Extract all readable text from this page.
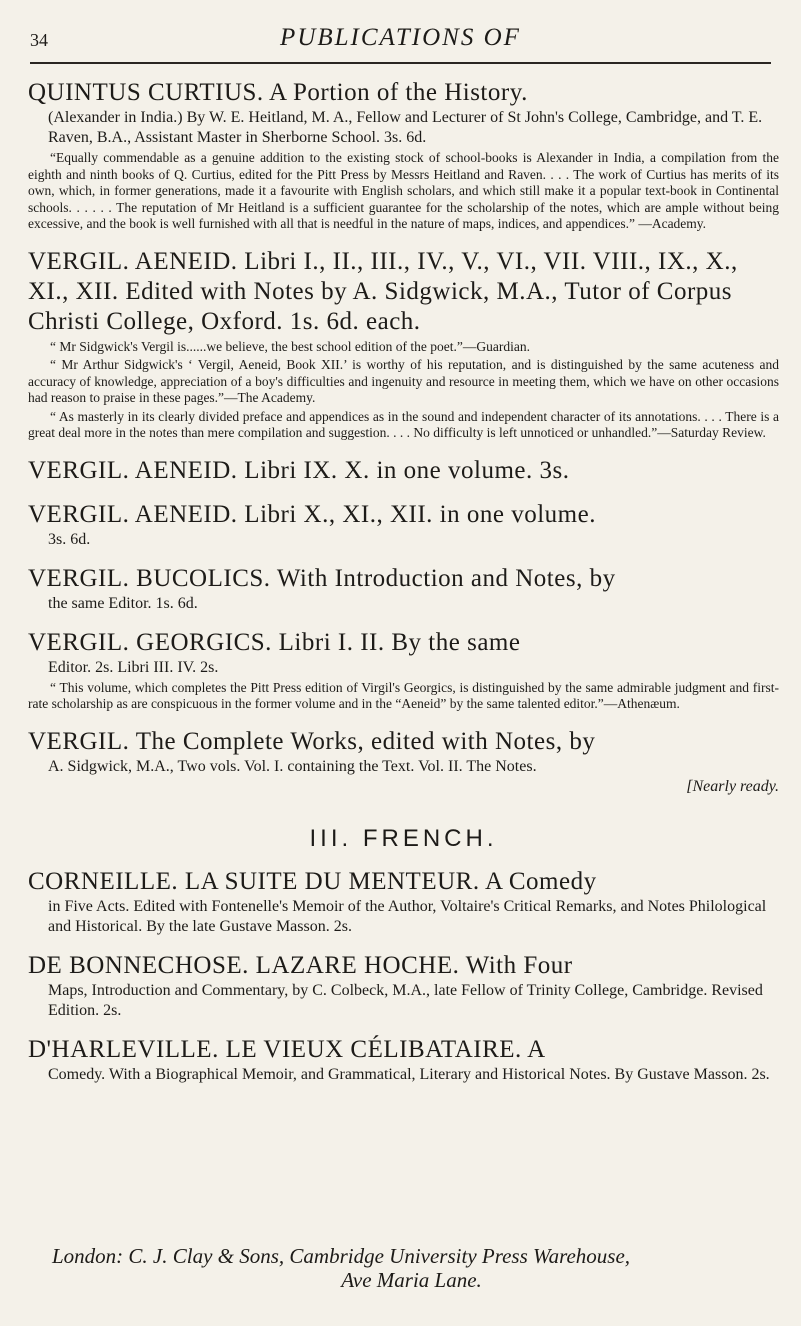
34	PUBLICATIONS OF

QUINTUS CURTIUS. A Portion of the History.

(Alexander in India.) By W. E. Heitland, M. A., Fellow and Lecturer of St John's College, Cambridge, and T. E. Raven, B.A., Assistant Master in Sherborne School. 3s. 6d.

“Equally commendable as a genuine addition to the existing stock of school-books is Alexander in India, a compilation from the eighth and ninth books of Q. Curtius, edited for the Pitt Press by Messrs Heitland and Raven. . . . The work of Curtius has merits of its own, which, in former generations, made it a favourite with English scholars, and which still make it a popular text-book in Continental schools. . . . . . The reputation of Mr Heitland is a sufficient guarantee for the scholarship of the notes, which are ample without being excessive, and the book is well furnished with all that is needful in the nature of maps, indices, and appendices.” —Academy.

VERGIL. AENEID. Libri I., II., III., IV., V., VI., VII. VIII., IX., X., XI., XII. Edited with Notes by A. Sidgwick, M.A., Tutor of Corpus Christi College, Oxford. 1s. 6d. each.

“ Mr Sidgwick's Vergil is......we believe, the best school edition of the poet.”—Guardian.

“ Mr Arthur Sidgwick's ‘ Vergil, Aeneid, Book XII.’ is worthy of his reputation, and is distinguished by the same acuteness and accuracy of knowledge, appreciation of a boy's difficulties and ingenuity and resource in meeting them, which we have on other occasions had reason to praise in these pages.”—The Academy.

“ As masterly in its clearly divided preface and appendices as in the sound and independent character of its annotations. . . . There is a great deal more in the notes than mere compilation and suggestion. . . . No difficulty is left unnoticed or unhandled.”—Saturday Review.

VERGIL. AENEID. Libri IX. X. in one volume. 3s.

VERGIL. AENEID. Libri X., XI., XII. in one volume.

3s. 6d.

VERGIL. BUCOLICS. With Introduction and Notes, by

the same Editor. 1s. 6d.

VERGIL. GEORGICS. Libri I. II. By the same

Editor. 2s. Libri III. IV. 2s.

“ This volume, which completes the Pitt Press edition of Virgil's Georgics, is distinguished by the same admirable judgment and first-rate scholarship as are conspicuous in the former volume and in the “Aeneid” by the same talented editor.”—Athenæum.

VERGIL. The Complete Works, edited with Notes, by

A. Sidgwick, M.A., Two vols. Vol. I. containing the Text. Vol. II. The Notes.

[Nearly ready.

III. FRENCH.

CORNEILLE. LA SUITE DU MENTEUR. A Comedy

in Five Acts. Edited with Fontenelle's Memoir of the Author, Voltaire's Critical Remarks, and Notes Philological and Historical. By the late Gustave Masson. 2s.

DE BONNECHOSE. LAZARE HOCHE. With Four

Maps, Introduction and Commentary, by C. Colbeck, M.A., late Fellow of Trinity College, Cambridge. Revised Edition. 2s.

D'HARLEVILLE. LE VIEUX CÉLIBATAIRE. A

Comedy. With a Biographical Memoir, and Grammatical, Literary and Historical Notes. By Gustave Masson. 2s.

London: C. J. Clay & Sons, Cambridge University Press Warehouse,
Ave Maria Lane.
